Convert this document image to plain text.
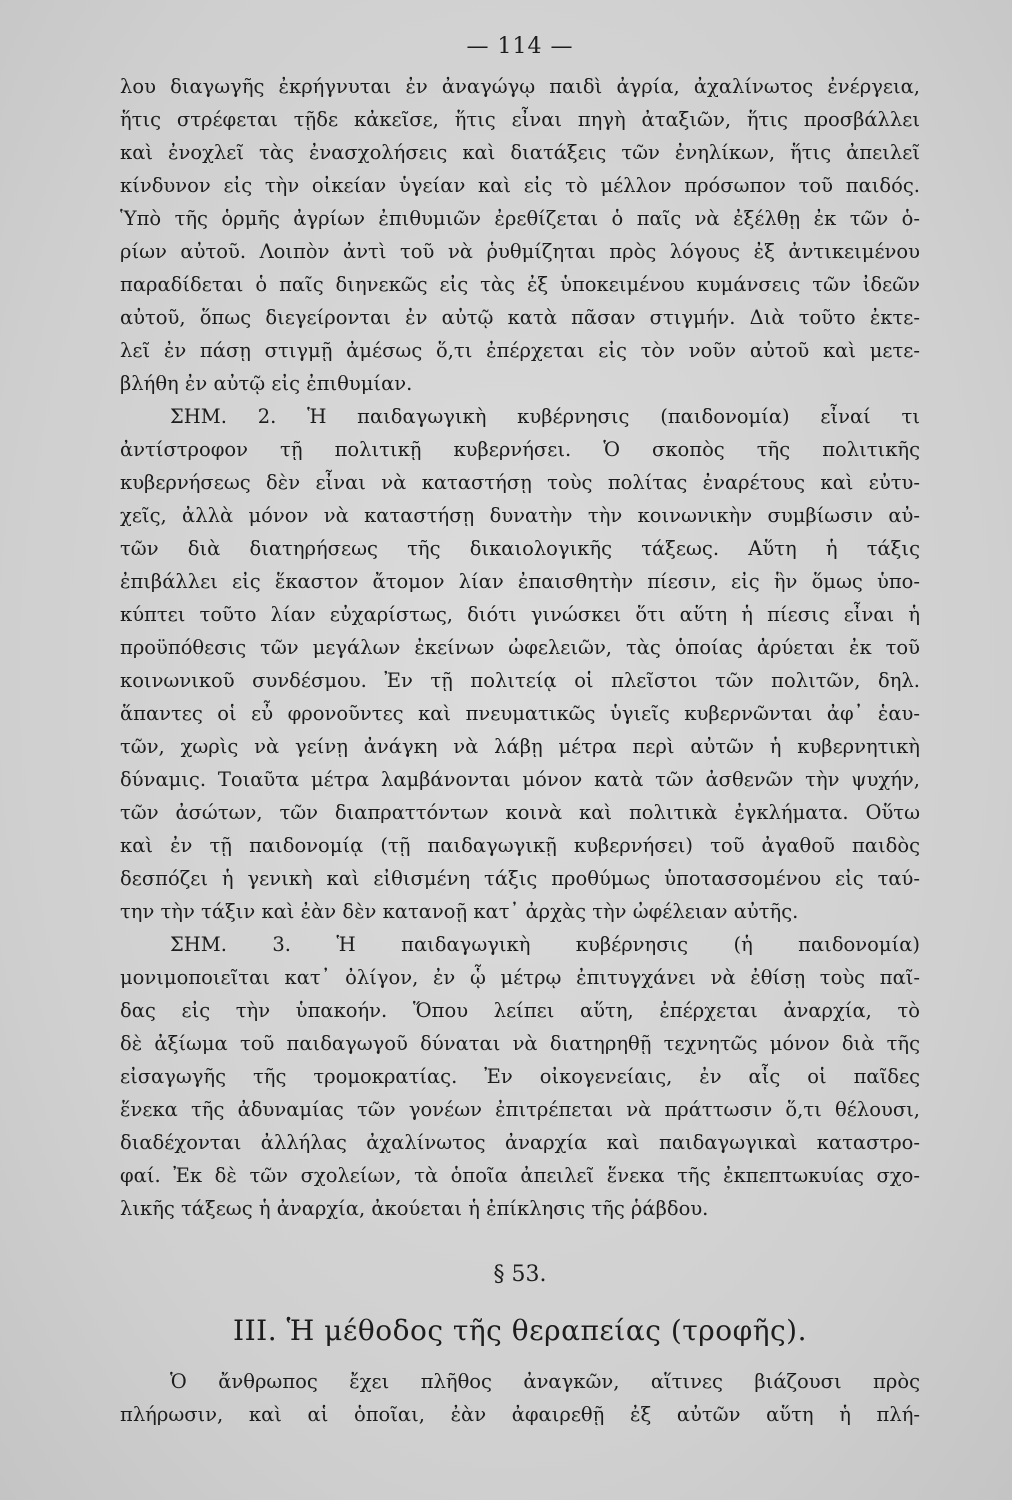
— 114 —
λου διαγωγῆς ἐκρήγνυται ἐν ἀναγώγῳ παιδὶ ἀγρία, ἀχαλίνωτος ἐνέργεια,
ἥτις στρέφεται τῇδε κἀκεῖσε, ἥτις εἶναι πηγὴ ἀταξιῶν, ἥτις προσβάλλει
καὶ ἐνοχλεῖ τὰς ἐνασχολήσεις καὶ διατάξεις τῶν ἐνηλίκων, ἥτις ἀπειλεῖ
κίνδυνον εἰς τὴν οἰκείαν ὑγείαν καὶ εἰς τὸ μέλλον πρόσωπον τοῦ παιδός.
Ὑπὸ τῆς ὁρμῆς ἀγρίων ἐπιθυμιῶν ἐρεθίζεται ὁ παῖς νὰ ἐξέλθῃ ἐκ τῶν ὁ-
ρίων αὐτοῦ. Λοιπὸν ἀντὶ τοῦ νὰ ῥυθμίζηται πρὸς λόγους ἐξ ἀντικειμένου
παραδίδεται ὁ παῖς διηνεκῶς εἰς τὰς ἐξ ὑποκειμένου κυμάνσεις τῶν ἰδεῶν
αὐτοῦ, ὅπως διεγείρονται ἐν αὐτῷ κατὰ πᾶσαν στιγμήν. Διὰ τοῦτο ἐκτε-
λεῖ ἐν πάσῃ στιγμῇ ἀμέσως ὅ,τι ἐπέρχεται εἰς τὸν νοῦν αὐτοῦ καὶ μετε-
βλήθη ἐν αὐτῷ εἰς ἐπιθυμίαν.
ΣΗΜ. 2. Ἡ παιδαγωγικὴ κυβέρνησις (παιδονομία) εἶναί τι
ἀντίστροφον τῇ πολιτικῇ κυβερνήσει. Ὁ σκοπὸς τῆς πολιτικῆς
κυβερνήσεως δὲν εἶναι νὰ καταστήσῃ τοὺς πολίτας ἐναρέτους καὶ εὐτυ-
χεῖς, ἀλλὰ μόνον νὰ καταστήσῃ δυνατὴν τὴν κοινωνικὴν συμβίωσιν αὐ-
τῶν διὰ διατηρήσεως τῆς δικαιολογικῆς τάξεως. Αὕτη ἡ τάξις
ἐπιβάλλει εἰς ἕκαστον ἄτομον λίαν ἐπαισθητὴν πίεσιν, εἰς ἣν ὅμως ὑπο-
κύπτει τοῦτο λίαν εὐχαρίστως, διότι γινώσκει ὅτι αὕτη ἡ πίεσις εἶναι ἡ
προϋπόθεσις τῶν μεγάλων ἐκείνων ὠφελειῶν, τὰς ὁποίας ἀρύεται ἐκ τοῦ
κοινωνικοῦ συνδέσμου. Ἐν τῇ πολιτείᾳ οἱ πλεῖστοι τῶν πολιτῶν, δηλ.
ἅπαντες οἱ εὖ φρονοῦντες καὶ πνευματικῶς ὑγιεῖς κυβερνῶνται ἀφ᾽ ἑαυ-
τῶν, χωρὶς νὰ γείνῃ ἀνάγκη νὰ λάβῃ μέτρα περὶ αὐτῶν ἡ κυβερνητικὴ
δύναμις. Τοιαῦτα μέτρα λαμβάνονται μόνον κατὰ τῶν ἀσθενῶν τὴν ψυχήν,
τῶν ἀσώτων, τῶν διαπραττόντων κοινὰ καὶ πολιτικὰ ἐγκλήματα. Οὕτω
καὶ ἐν τῇ παιδονομίᾳ (τῇ παιδαγωγικῇ κυβερνήσει) τοῦ ἀγαθοῦ παιδὸς
δεσπόζει ἡ γενικὴ καὶ εἰθισμένη τάξις προθύμως ὑποτασσομένου εἰς ταύ-
την τὴν τάξιν καὶ ἐὰν δὲν κατανοῇ κατ᾽ ἀρχὰς τὴν ὠφέλειαν αὐτῆς.
ΣΗΜ. 3. Ἡ παιδαγωγικὴ κυβέρνησις (ἡ παιδονομία)
μονιμοποιεῖται κατ᾽ ὀλίγον, ἐν ᾧ μέτρῳ ἐπιτυγχάνει νὰ ἐθίσῃ τοὺς παῖ-
δας εἰς τὴν ὑπακοήν. Ὅπου λείπει αὕτη, ἐπέρχεται ἀναρχία, τὸ
δὲ ἀξίωμα τοῦ παιδαγωγοῦ δύναται νὰ διατηρηθῇ τεχνητῶς μόνον διὰ τῆς
εἰσαγωγῆς τῆς τρομοκρατίας. Ἐν οἰκογενείαις, ἐν αἷς οἱ παῖδες
ἕνεκα τῆς ἀδυναμίας τῶν γονέων ἐπιτρέπεται νὰ πράττωσιν ὅ,τι θέλουσι,
διαδέχονται ἀλλήλας ἀχαλίνωτος ἀναρχία καὶ παιδαγωγικαὶ καταστρο-
φαί. Ἐκ δὲ τῶν σχολείων, τὰ ὁποῖα ἀπειλεῖ ἕνεκα τῆς ἐκπεπτωκυίας σχο-
λικῆς τάξεως ἡ ἀναρχία, ἀκούεται ἡ ἐπίκλησις τῆς ῥάβδου.
§ 53.
III. Ἡ μέθοδος τῆς θεραπείας (τροφῆς).
Ὁ ἄνθρωπος ἔχει πλῆθος ἀναγκῶν, αἵτινες βιάζουσι πρὸς
πλήρωσιν, καὶ αἱ ὁποῖαι, ἐὰν ἀφαιρεθῇ ἐξ αὐτῶν αὕτη ἡ πλή-
